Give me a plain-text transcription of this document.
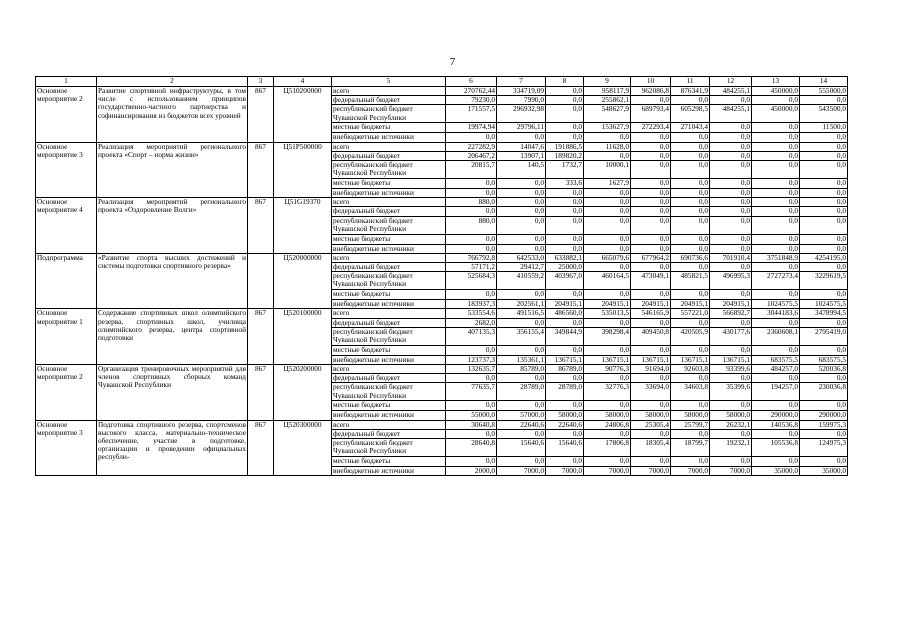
7
1	2	3	4	5	6	7	8	9	10	11	12	13	14
Основное мероприятие 2	Развитие спортивной инфраструктуры, в том числе с использованием принципов государственно-частного партнерства и софинансирования из бюджетов всех уровней	867	Ц510200000	всего	270762,44	334719,09	0,0	958117,9	962086,8	876341,9	484255,1	450000,0	555000,0
				федеральный бюджет	79230,0	7990,0	0,0	255862,1	0,0	0,0	0,0	0,0	0,0
				республиканский бюджет Чувашской Республики	171557,5	296932,98	0,0	548627,9	689793,4	605298,5	484255,1	450000,0	543500,0
				местные бюджеты	19974,94	29796,11	0,0	153627,9	272293,4	271043,4	0,0	0,0	11500,0
				внебюджетные источники	0,0	0,0	0,0	0,0	0,0	0,0	0,0	0,0	0,0
Основное мероприятие 3	Реализация мероприятий регионального проекта «Спорт – норма жизни»	867	Ц51P500000	всего	227282,9	14047,6	191886,5	11628,0	0,0	0,0	0,0	0,0	0,0
				федеральный бюджет	206467,2	13907,1	189820,2	0,0	0,0	0,0	0,0	0,0	0,0
				республиканский бюджет Чувашской Республики	20815,7	140,5	1732,7	10000,1	0,0	0,0	0,0	0,0	0,0
				местные бюджеты	0,0	0,0	333,6	1627,9	0,0	0,0	0,0	0,0	0,0
				внебюджетные источники	0,0	0,0	0,0	0,0	0,0	0,0	0,0	0,0	0,0
Основное мероприятие 4	Реализация мероприятий регионального проекта «Оздоровление Волги»	867	Ц51G19370	всего	880,0	0,0	0,0	0,0	0,0	0,0	0,0	0,0	0,0
				федеральный бюджет	0,0	0,0	0,0	0,0	0,0	0,0	0,0	0,0	0,0
				республиканский бюджет Чувашской Республики	880,0	0,0	0,0	0,0	0,0	0,0	0,0	0,0	0,0
				местные бюджеты	0,0	0,0	0,0	0,0	0,0	0,0	0,0	0,0	0,0
				внебюджетные источники	0,0	0,0	0,0	0,0	0,0	0,0	0,0	0,0	0,0
Подпрограмма	«Развитие спорта высших достижений и системы подготовки спортивного резерва»		Ц520000000	всего	766792,8	642533,0	633882,1	665079,6	677964,2	690736,6	701910,4	3751848,9	4254195,0
				федеральный бюджет	57171,2	29412,7	25000,0	0,0	0,0	0,0	0,0	0,0	0,0
				республиканский бюджет Чувашской Республики	525684,3	410559,2	403967,0	460164,5	473049,1	485821,5	496995,3	2727273,4	3229619,5
				местные бюджеты	0,0	0,0	0,0	0,0	0,0	0,0	0,0	0,0	0,0
				внебюджетные источники	183937,3	202561,1	204915,1	204915,1	204915,1	204915,1	204915,1	1024575,5	1024575,5
Основное мероприятие 1	Содержание спортивных школ олимпийского резерва, спортивных школ, училища олимпийского резерва, центра спортивной подготовки	867	Ц520100000	всего	533554,6	491516,5	486560,0	535013,5	546165,9	557221,0	566892,7	3044183,6	3478994,5
				федеральный бюджет	2682,0	0,0	0,0	0,0	0,0	0,0	0,0	0,0	0,0
				республиканский бюджет Чувашской Республики	407135,3	356155,4	349844,9	398298,4	409450,8	420505,9	430177,6	2360608,1	2795419,0
				местные бюджеты	0,0	0,0	0,0	0,0	0,0	0,0	0,0	0,0	0,0
				внебюджетные источники	123737,3	135361,1	136715,1	136715,1	136715,1	136715,1	136715,1	683575,5	683575,5
Основное мероприятие 2	Организация тренировочных мероприятий для членов спортивных сборных команд Чувашской Республики	867	Ц520200000	всего	132635,7	85789,0	86789,0	90776,3	91694,0	92603,8	93399,6	484257,0	520036,8
				федеральный бюджет	0,0	0,0	0,0	0,0	0,0	0,0	0,0	0,0	0,0
				республиканский бюджет Чувашской Республики	77635,7	28789,0	28789,0	32776,3	33694,0	34603,8	35399,6	194257,0	230036,8
				местные бюджеты	0,0	0,0	0,0	0,0	0,0	0,0	0,0	0,0	0,0
				внебюджетные источники	55000,0	57000,0	58000,0	58000,0	58000,0	58000,0	58000,0	290000,0	290000,0
Основное мероприятие 3	Подготовка спортивного резерва, спортсменов высокого класса, материально-техническое обеспечение, участие в подготовке, организации и проведении официальных республи-	867	Ц520300000	всего	30640,8	22640,6	22640,6	24806,8	25305,4	25799,7	26232,1	140536,8	159975,3
				федеральный бюджет	0,0	0,0	0,0	0,0	0,0	0,0	0,0	0,0	0,0
				республиканский бюджет Чувашской Республики	28640,8	15640,6	15640,6	17806,8	18305,4	18799,7	19232,1	105536,8	124975,3
				местные бюджеты	0,0	0,0	0,0	0,0	0,0	0,0	0,0	0,0	0,0
				внебюджетные источники	2000,0	7000,0	7000,0	7000,0	7000,0	7000,0	7000,0	35000,0	35000,0
